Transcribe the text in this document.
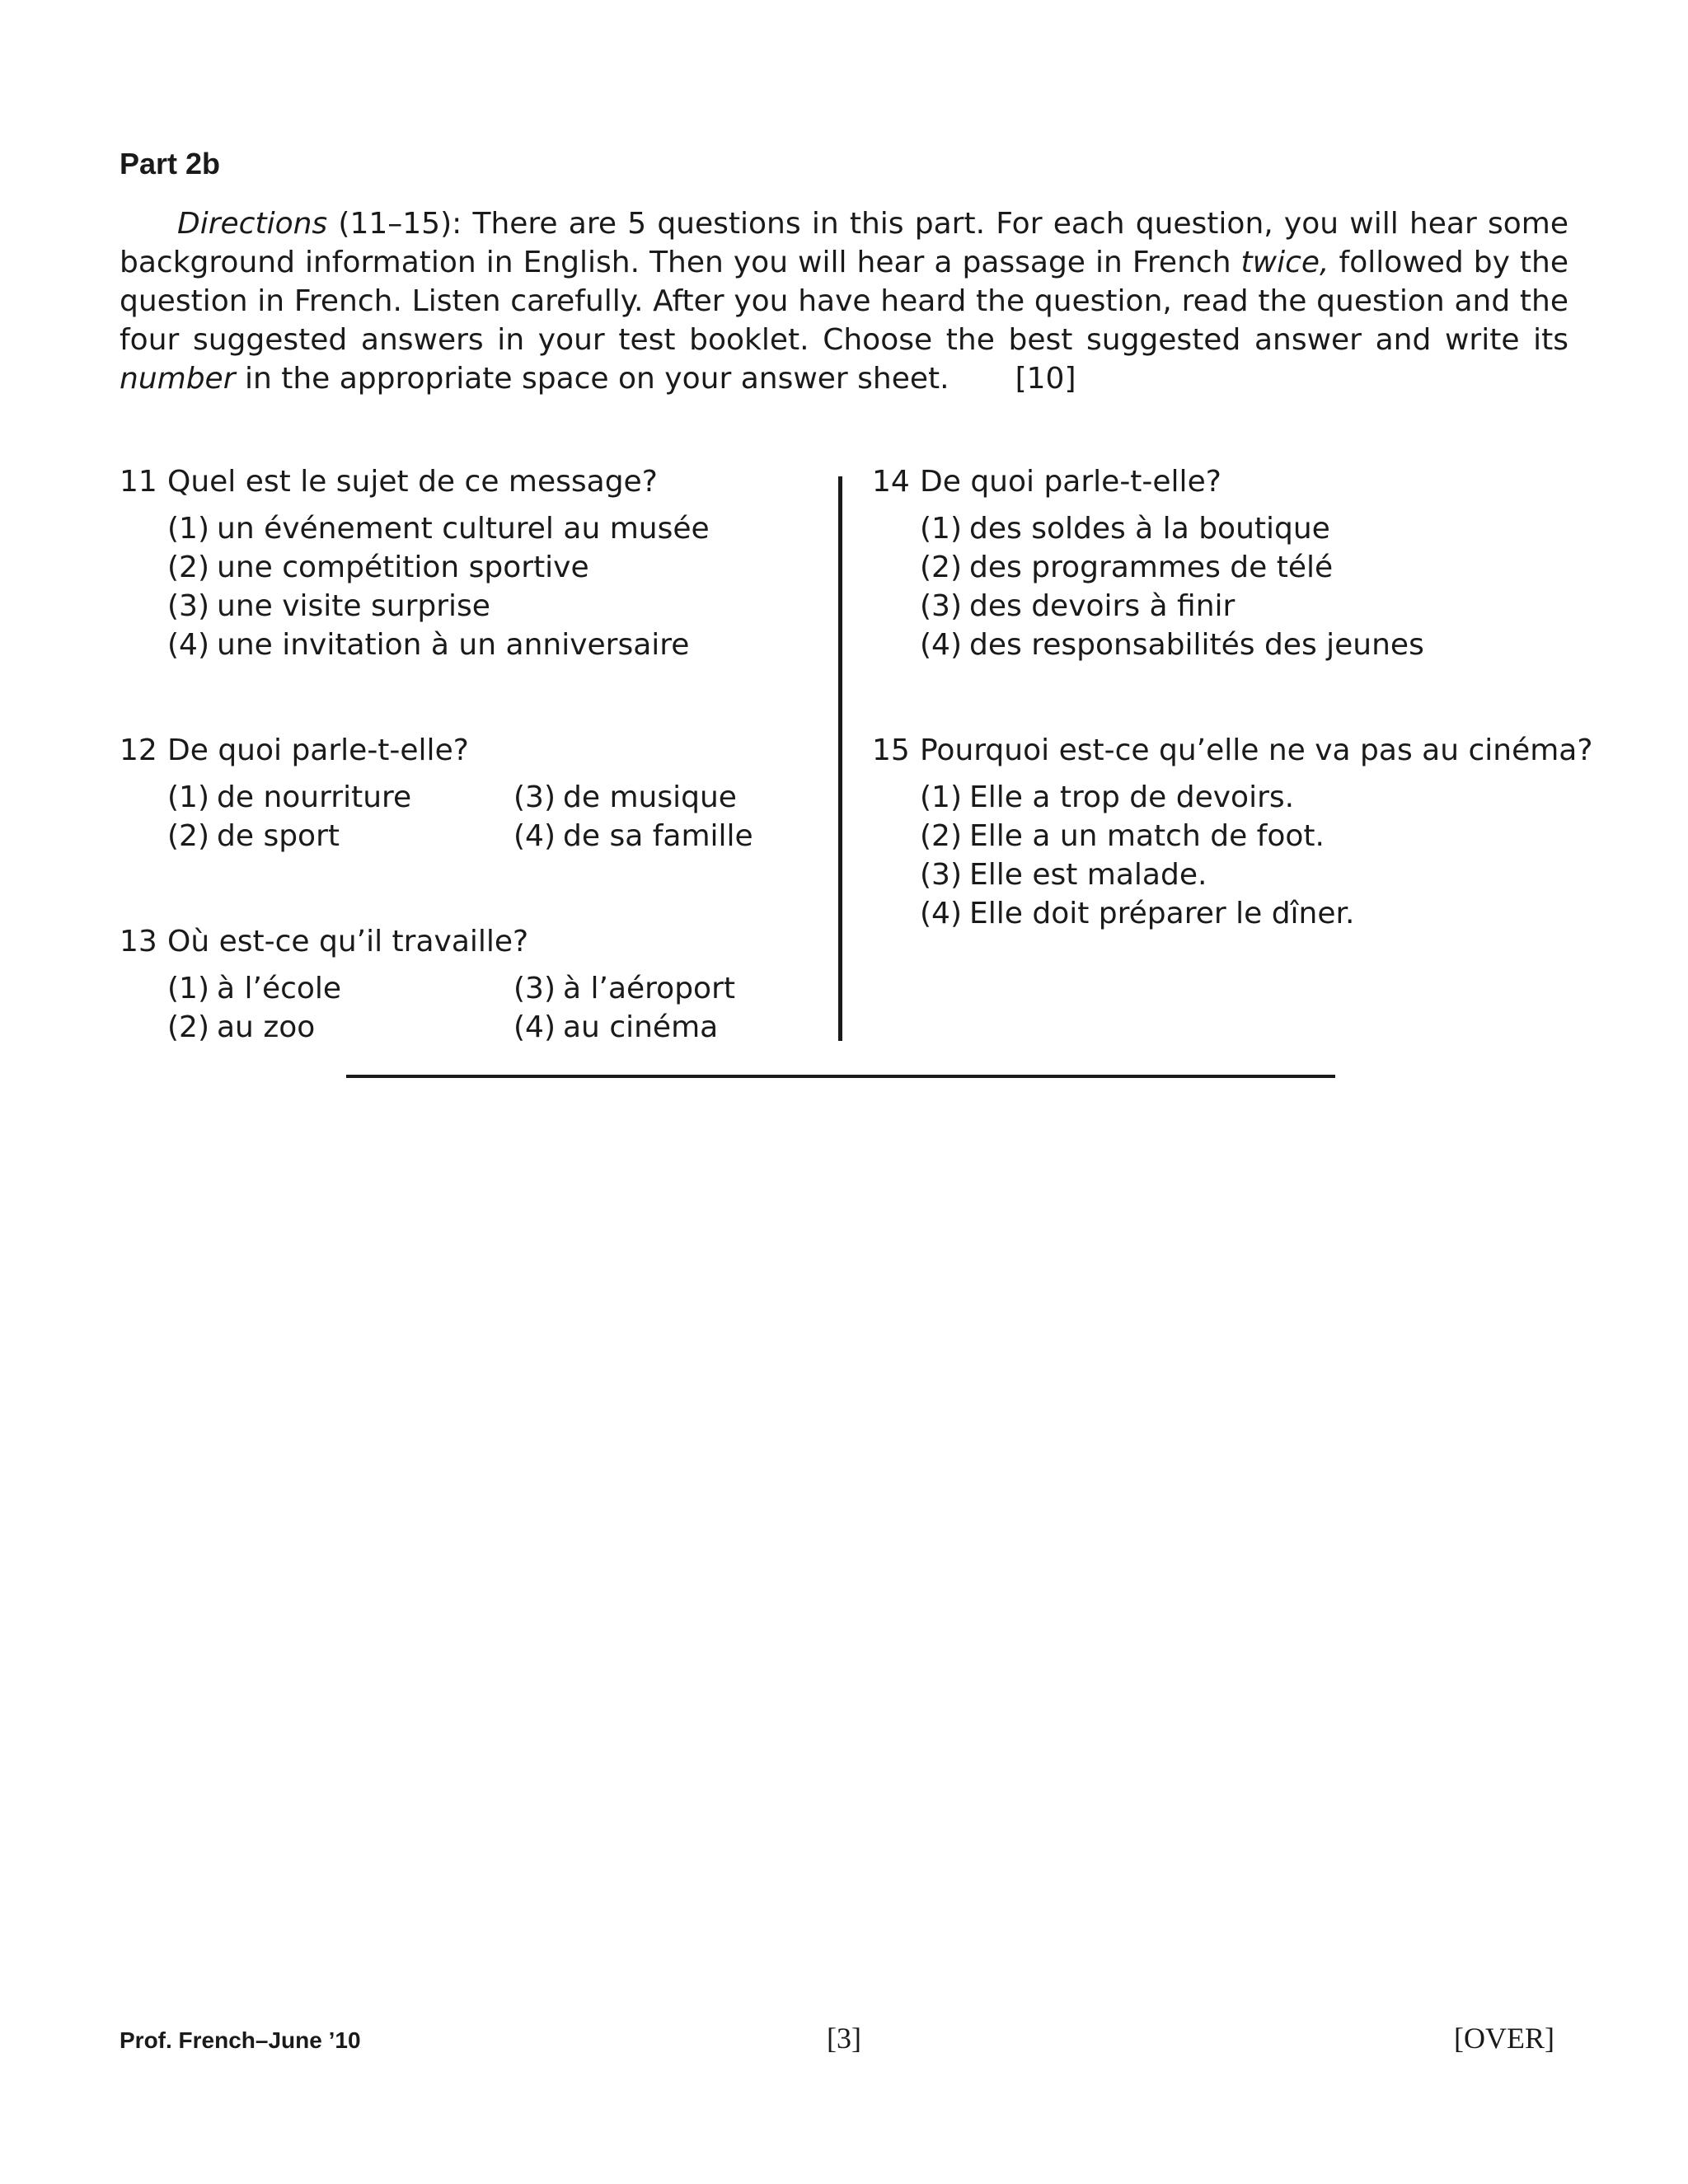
Part 2b

Directions (11–15): There are 5 questions in this part. For each question, you will hear some background information in English. Then you will hear a passage in French twice, followed by the question in French. Listen carefully. After you have heard the question, read the question and the four suggested answers in your test booklet. Choose the best suggested answer and write its number in the appropriate space on your answer sheet. [10]

11 Quel est le sujet de ce message?
(1) un événement culturel au musée
(2) une compétition sportive
(3) une visite surprise
(4) une invitation à un anniversaire
12 De quoi parle-t-elle?
(1) de nourriture	(3) de musique
(2) de sport	(4) de sa famille
13 Où est-ce qu’il travaille?
(1) à l’école	(3) à l’aéroport
(2) au zoo	(4) au cinéma
14 De quoi parle-t-elle?
(1) des soldes à la boutique
(2) des programmes de télé
(3) des devoirs à finir
(4) des responsabilités des jeunes
15 Pourquoi est-ce qu’elle ne va pas au cinéma?
(1) Elle a trop de devoirs.
(2) Elle a un match de foot.
(3) Elle est malade.
(4) Elle doit préparer le dîner.
Prof. French–June ’10	[3]	[OVER]
